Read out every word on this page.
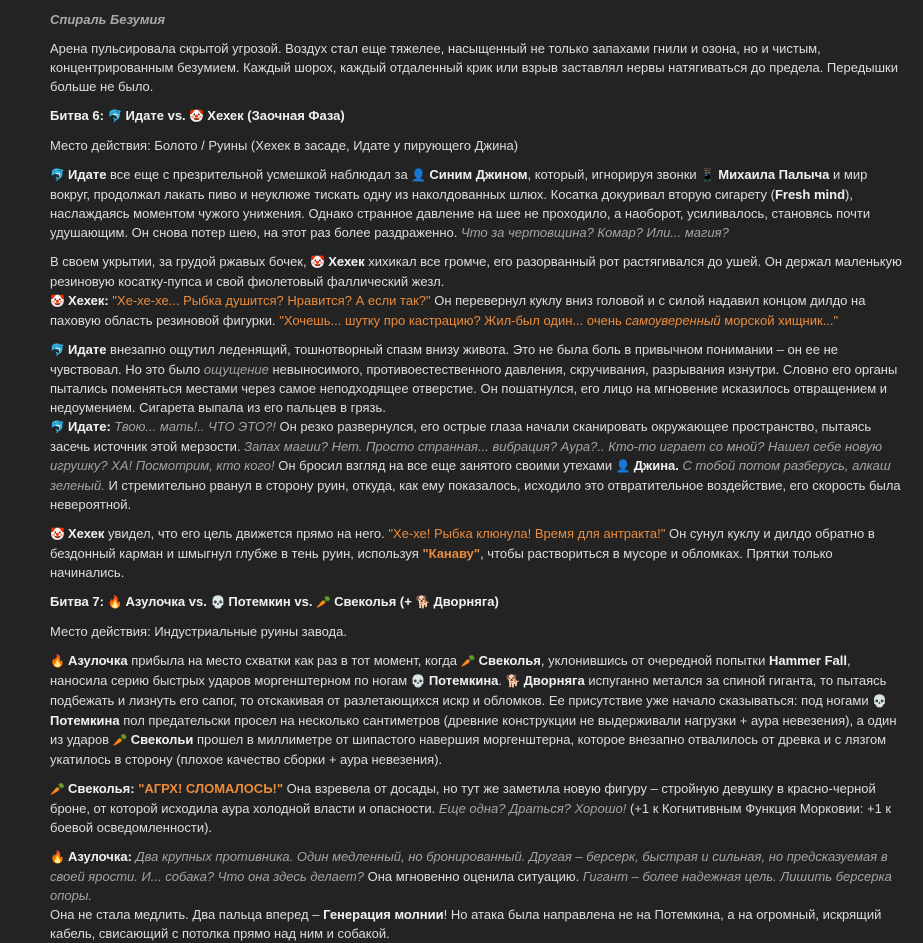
Спираль Безумия

Арена пульсировала скрытой угрозой. Воздух стал еще тяжелее, насыщенный не только запахами гнили и озона, но и чистым, концентрированным безумием. Каждый шорох, каждый отдаленный крик или взрыв заставлял нервы натягиваться до предела. Передышки больше не было.

Битва 6: 🐬 Идате vs. 🤡 Хехек (Заочная Фаза)

Место действия: Болото / Руины (Хехек в засаде, Идате у пирующего Джина)

🐬 Идате все еще с презрительной усмешкой наблюдал за 👤 Синим Джином, который, игнорируя звонки 📱 Михаила Палыча и мир вокруг, продолжал лакать пиво и неуклюже тискать одну из наколдованных шлюх. Косатка докуривал вторую сигарету (Fresh mind), наслаждаясь моментом чужого унижения. Однако странное давление на шее не проходило, а наоборот, усиливалось, становясь почти удушающим. Он снова потер шею, на этот раз более раздраженно. Что за чертовщина? Комар? Или... магия?

В своем укрытии, за грудой ржавых бочек, 🤡 Хехек хихикал все громче, его разорванный рот растягивался до ушей. Он держал маленькую резиновую косатку-пупса и свой фиолетовый фаллический жезл.

🤡 Хехек: "Хе-хе-хе... Рыбка душится? Нравится? А если так?" Он перевернул куклу вниз головой и с силой надавил концом дилдо на паховую область резиновой фигурки. "Хочешь... шутку про кастрацию? Жил-был один... очень самоуверенный морской хищник..."

🐬 Идате внезапно ощутил леденящий, тошнотворный спазм внизу живота. Это не была боль в привычном понимании – он ее не чувствовал. Но это было ощущение невыносимого, противоестественного давления, скручивания, разрывания изнутри. Словно его органы пытались поменяться местами через самое неподходящее отверстие. Он пошатнулся, его лицо на мгновение исказилось отвращением и недоумением. Сигарета выпала из его пальцев в грязь.

🐬 Идате: Твою... мать!.. ЧТО ЭТО?! Он резко развернулся, его острые глаза начали сканировать окружающее пространство, пытаясь засечь источник этой мерзости. Запах магии? Нет. Просто странная... вибрация? Аура?.. Кто-то играет со мной? Нашел себе новую игрушку? ХА! Посмотрим, кто кого! Он бросил взгляд на все еще занятого своими утехами 👤 Джина. С тобой потом разберусь, алкаш зеленый. И стремительно рванул в сторону руин, откуда, как ему показалось, исходило это отвратительное воздействие, его скорость была невероятной.

🤡 Хехек увидел, что его цель движется прямо на него. "Хе-хе! Рыбка клюнула! Время для антракта!" Он сунул куклу и дилдо обратно в бездонный карман и шмыгнул глубже в тень руин, используя "Канаву", чтобы раствориться в мусоре и обломках. Прятки только начинались.

Битва 7: 🔥 Азулочка vs. 💀 Потемкин vs. 🥕 Свеколья (+ 🐕 Дворняга)

Место действия: Индустриальные руины завода.

🔥 Азулочка прибыла на место схватки как раз в тот момент, когда 🥕 Свеколья, уклонившись от очередной попытки Hammer Fall, наносила серию быстрых ударов моргенштерном по ногам 💀 Потемкина. 🐕 Дворняга испуганно метался за спиной гиганта, то пытаясь подбежать и лизнуть его сапог, то отскакивая от разлетающихся искр и обломков. Ее присутствие уже начало сказываться: под ногами 💀Потемкина пол предательски просел на несколько сантиметров (древние конструкции не выдерживали нагрузки + аура невезения), а один из ударов 🥕 Свекольи прошел в миллиметре от шипастого навершия моргенштерна, которое внезапно отвалилось от древка и с лязгом укатилось в сторону (плохое качество сборки + аура невезения).

🥕 Свеколья: "АГРХ! СЛОМАЛОСЬ!" Она взревела от досады, но тут же заметила новую фигуру – стройную девушку в красно-черной броне, от которой исходила аура холодной власти и опасности. Еще одна? Драться? Хорошо! (+1 к Когнитивным Функция Морковии: +1 к боевой осведомленности).

🔥 Азулочка: Два крупных противника. Один медленный, но бронированный. Другая – берсерк, быстрая и сильная, но предсказуемая в своей ярости. И... собака? Что она здесь делает? Она мгновенно оценила ситуацию. Гигант – более надежная цель. Лишить берсерка опоры.

Она не стала медлить. Два пальца вперед – Генерация молнии! Но атака была направлена не на Потемкина, а на огромный, искрящий кабель, свисающий с потолка прямо над ним и собакой.
